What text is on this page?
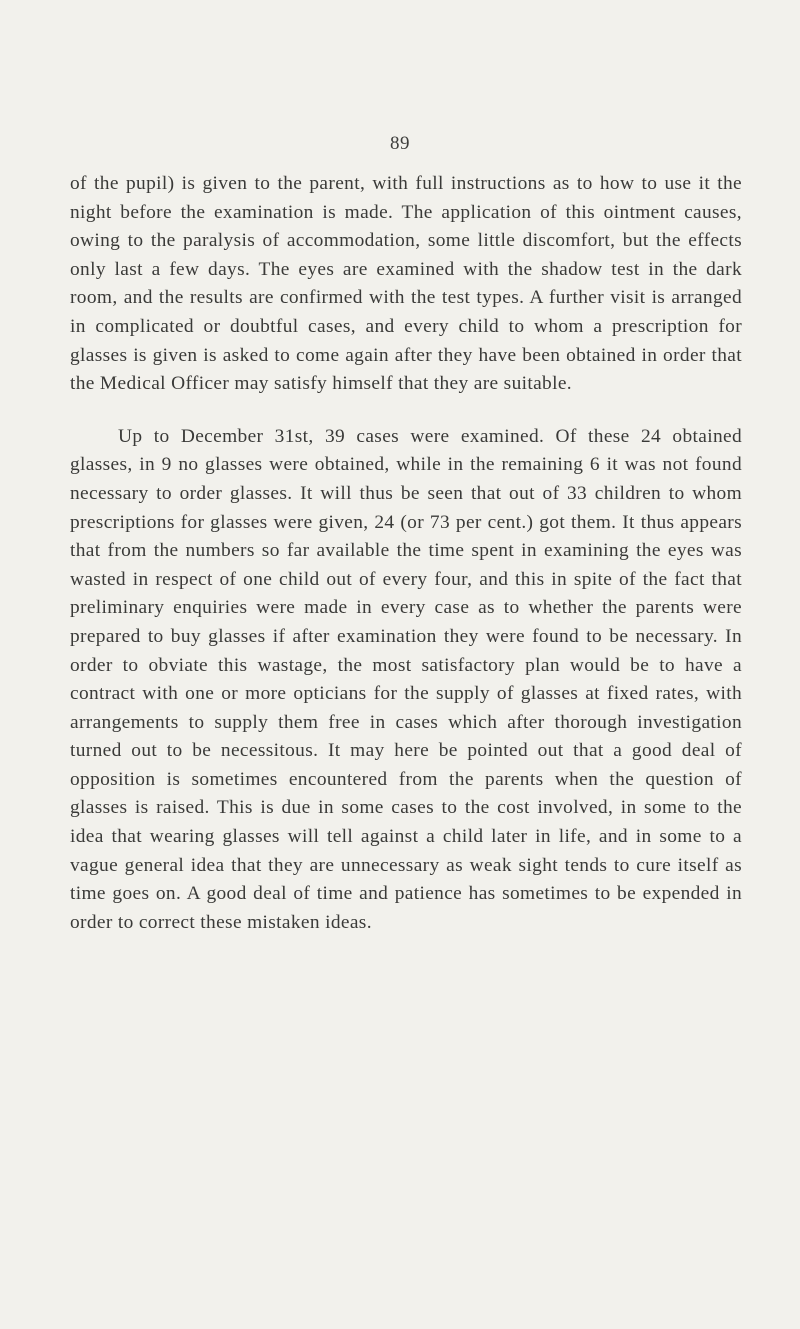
89

of the pupil) is given to the parent, with full instructions as to how to use it the night before the examination is made. The application of this ointment causes, owing to the paralysis of accommodation, some little discomfort, but the effects only last a few days. The eyes are examined with the shadow test in the dark room, and the results are confirmed with the test types. A further visit is arranged in complicated or doubtful cases, and every child to whom a prescription for glasses is given is asked to come again after they have been obtained in order that the Medical Officer may satisfy himself that they are suitable.

Up to December 31st, 39 cases were examined. Of these 24 obtained glasses, in 9 no glasses were obtained, while in the remaining 6 it was not found necessary to order glasses. It will thus be seen that out of 33 children to whom prescriptions for glasses were given, 24 (or 73 per cent.) got them. It thus appears that from the numbers so far available the time spent in examining the eyes was wasted in respect of one child out of every four, and this in spite of the fact that preliminary enquiries were made in every case as to whether the parents were prepared to buy glasses if after examination they were found to be necessary. In order to obviate this wastage, the most satisfactory plan would be to have a contract with one or more opticians for the supply of glasses at fixed rates, with arrangements to supply them free in cases which after thorough investigation turned out to be necessitous. It may here be pointed out that a good deal of opposition is sometimes encountered from the parents when the question of glasses is raised. This is due in some cases to the cost involved, in some to the idea that wearing glasses will tell against a child later in life, and in some to a vague general idea that they are unnecessary as weak sight tends to cure itself as time goes on. A good deal of time and patience has sometimes to be expended in order to correct these mistaken ideas.
